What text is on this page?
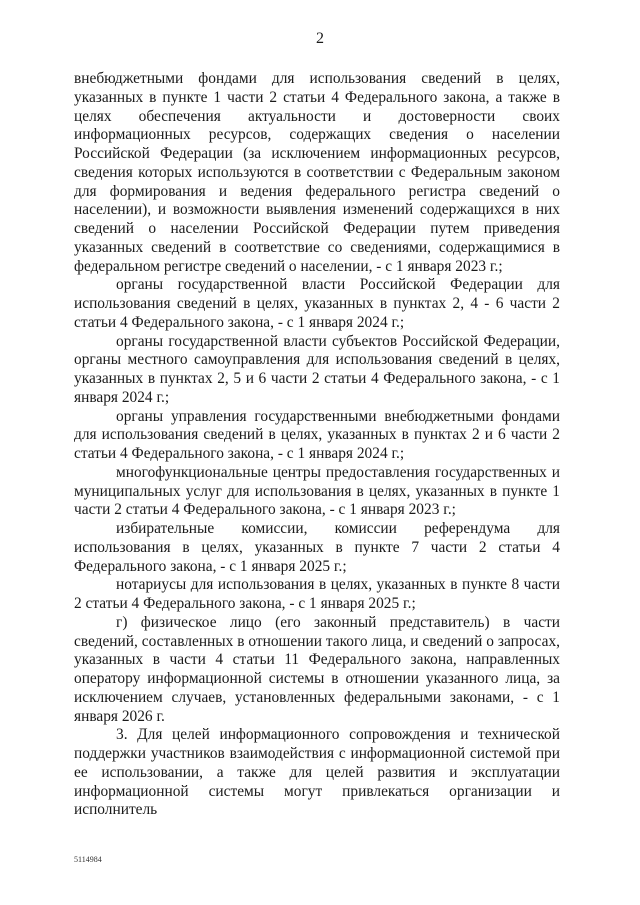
2

внебюджетными фондами для использования сведений в целях, указанных в пункте 1 части 2 статьи 4 Федерального закона, а также в целях обеспечения актуальности и достоверности своих информационных ресурсов, содержащих сведения о населении Российской Федерации (за исключением информационных ресурсов, сведения которых используются в соответствии с Федеральным законом для формирования и ведения федерального регистра сведений о населении), и возможности выявления изменений содержащихся в них сведений о населении Российской Федерации путем приведения указанных сведений в соответствие со сведениями, содержащимися в федеральном регистре сведений о населении, - с 1 января 2023 г.;

органы государственной власти Российской Федерации для использования сведений в целях, указанных в пунктах 2, 4 - 6 части 2 статьи 4 Федерального закона, - с 1 января 2024 г.;

органы государственной власти субъектов Российской Федерации, органы местного самоуправления для использования сведений в целях, указанных в пунктах 2, 5 и 6 части 2 статьи 4 Федерального закона, - с 1 января 2024 г.;

органы управления государственными внебюджетными фондами для использования сведений в целях, указанных в пунктах 2 и 6 части 2 статьи 4 Федерального закона, - с 1 января 2024 г.;

многофункциональные центры предоставления государственных и муниципальных услуг для использования в целях, указанных в пункте 1 части 2 статьи 4 Федерального закона, - с 1 января 2023 г.;

избирательные комиссии, комиссии референдума для использования в целях, указанных в пункте 7 части 2 статьи 4 Федерального закона, - с 1 января 2025 г.;

нотариусы для использования в целях, указанных в пункте 8 части 2 статьи 4 Федерального закона, - с 1 января 2025 г.;

г) физическое лицо (его законный представитель) в части сведений, составленных в отношении такого лица, и сведений о запросах, указанных в части 4 статьи 11 Федерального закона, направленных оператору информационной системы в отношении указанного лица, за исключением случаев, установленных федеральными законами, - с 1 января 2026 г.

3. Для целей информационного сопровождения и технической поддержки участников взаимодействия с информационной системой при ее использовании, а также для целей развития и эксплуатации информационной системы могут привлекаться организации и исполнитель

5114984
